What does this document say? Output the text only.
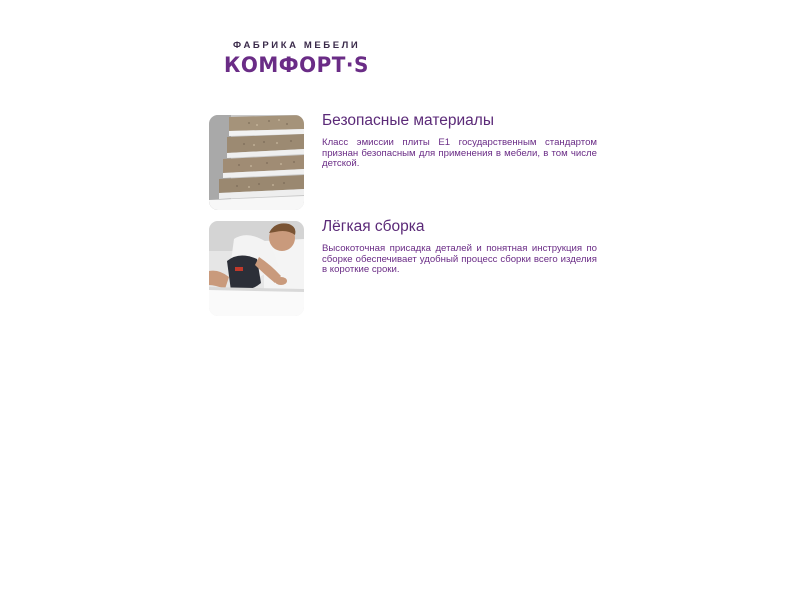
ФАБРИКА МЕБЕЛИ
КОМФОРТ·S
Безопасные материалы

Класс эмиссии плиты E1 государственным стандартом признан безопасным для применения в мебели, в том числе детской.

Лёгкая сборка

Высокоточная присадка деталей и понятная инструкция по сборке обеспечивает удобный процесс сборки всего изделия в короткие сроки.
